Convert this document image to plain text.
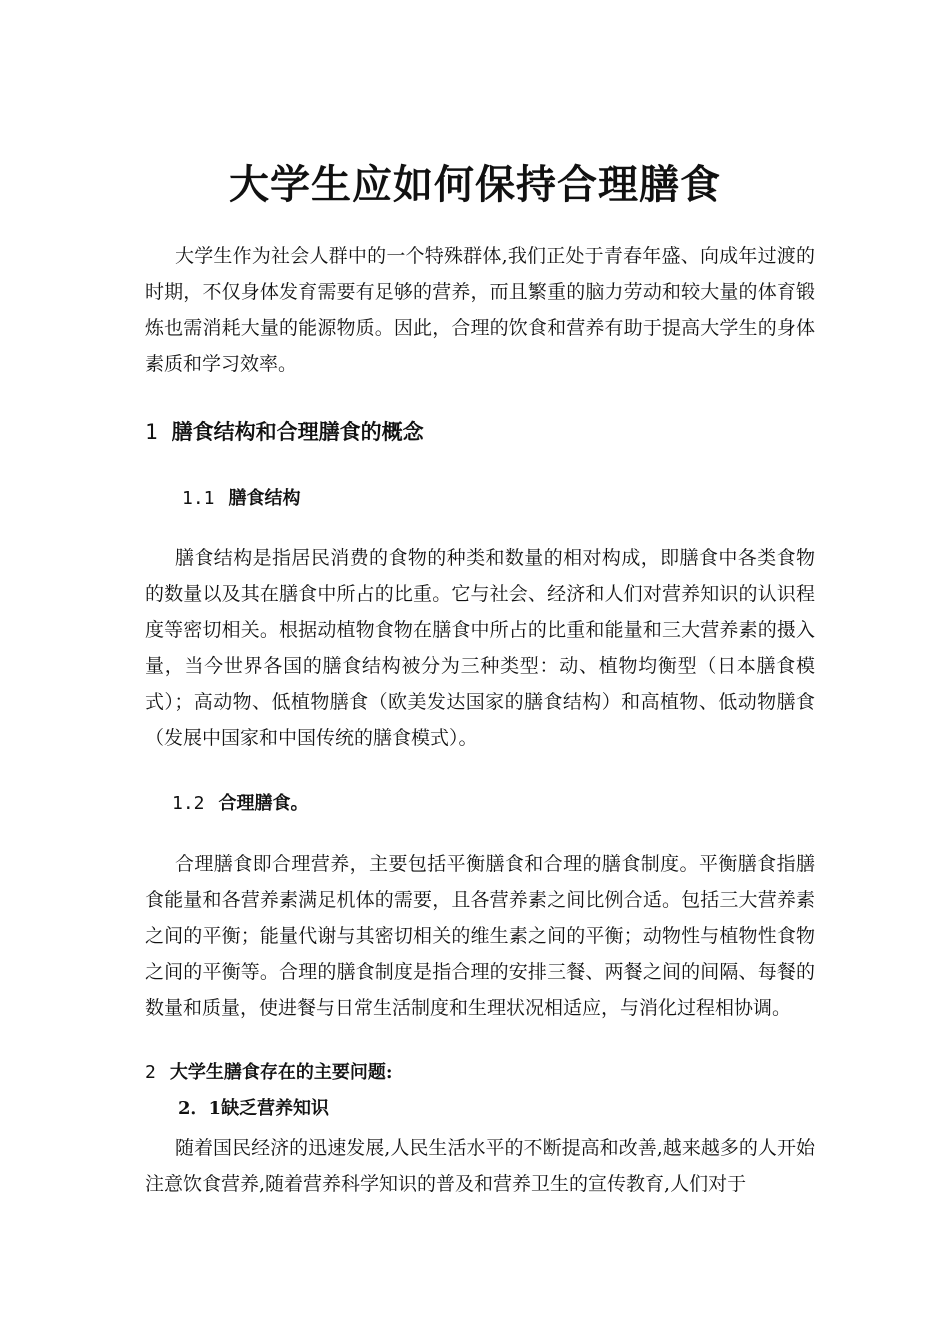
大学生应如何保持合理膳食

大学生作为社会人群中的一个特殊群体,我们正处于青春年盛、向成年过渡的时期，不仅身体发育需要有足够的营养，而且繁重的脑力劳动和较大量的体育锻炼也需消耗大量的能源物质。因此，合理的饮食和营养有助于提高大学生的身体素质和学习效率。

1 膳食结构和合理膳食的概念
1.1 膳食结构

膳食结构是指居民消费的食物的种类和数量的相对构成，即膳食中各类食物的数量以及其在膳食中所占的比重。它与社会、经济和人们对营养知识的认识程度等密切相关。根据动植物食物在膳食中所占的比重和能量和三大营养素的摄入量，当今世界各国的膳食结构被分为三种类型：动、植物均衡型（日本膳食模式）；高动物、低植物膳食（欧美发达国家的膳食结构）和高植物、低动物膳食（发展中国家和中国传统的膳食模式）。

1.2 合理膳食。

合理膳食即合理营养，主要包括平衡膳食和合理的膳食制度。平衡膳食指膳食能量和各营养素满足机体的需要，且各营养素之间比例合适。包括三大营养素之间的平衡；能量代谢与其密切相关的维生素之间的平衡；动物性与植物性食物之间的平衡等。合理的膳食制度是指合理的安排三餐、两餐之间的间隔、每餐的数量和质量，使进餐与日常生活制度和生理状况相适应，与消化过程相协调。

2 大学生膳食存在的主要问题:
2．1缺乏营养知识

随着国民经济的迅速发展,人民生活水平的不断提高和改善,越来越多的人开始注意饮食营养,随着营养科学知识的普及和营养卫生的宣传教育,人们对于
